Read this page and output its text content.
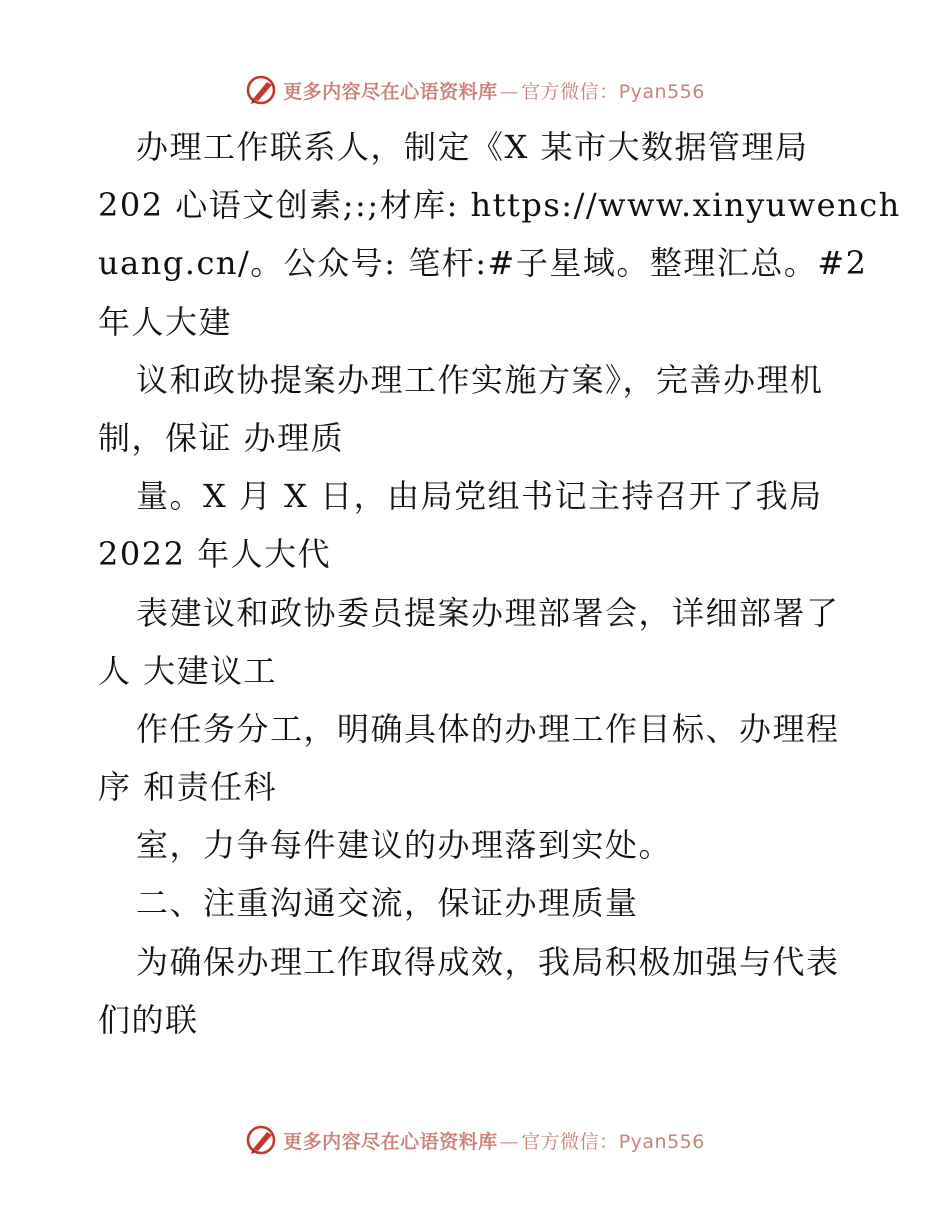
更多内容尽在心语资料库 — 官方微信：Pyan556
办理工作联系人，制定《X 某市大数据管理局
202 心语文创素;:;材库: https://www.xinyuwench
uang.cn/。公众号: 笔杆:#子星域。整理汇总。#2
年人大建
议和政协提案办理工作实施方案》，完善办理机
制，保证 办理质
量。X 月 X 日，由局党组书记主持召开了我局
2022 年人大代
表建议和政协委员提案办理部署会，详细部署了
人 大建议工
作任务分工，明确具体的办理工作目标、办理程
序 和责任科
室，力争每件建议的办理落到实处。
二、注重沟通交流，保证办理质量
为确保办理工作取得成效，我局积极加强与代表
们的联
更多内容尽在心语资料库 — 官方微信：Pyan556
